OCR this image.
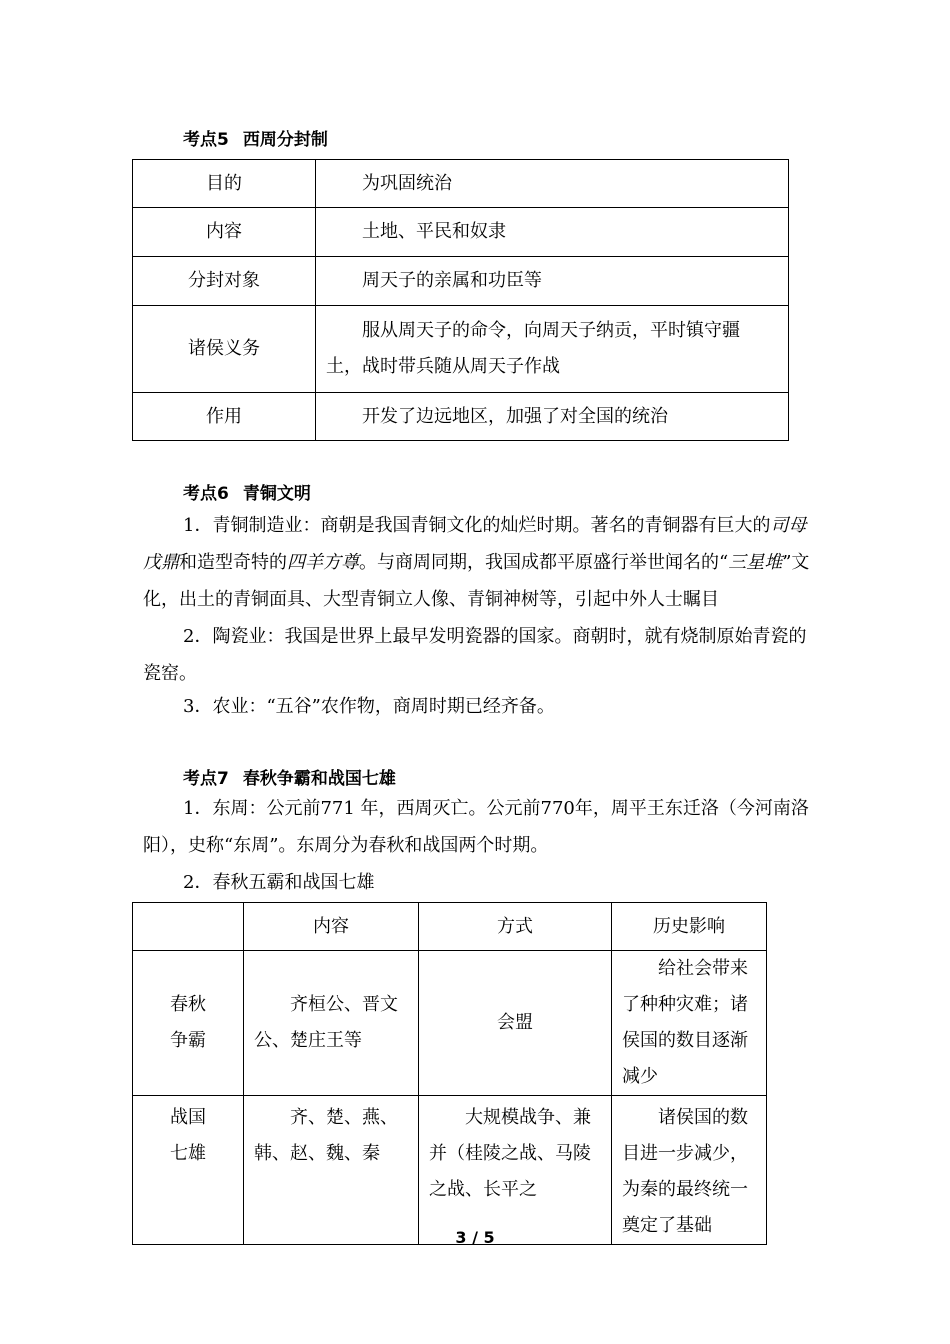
考点5 西周分封制
目的	为巩固统治

内容	土地、平民和奴隶

分封对象	周天子的亲属和功臣等

诸侯义务	服从周天子的命令，向周天子纳贡，平时镇守疆土，战时带兵随从周天子作战

作用	开发了边远地区，加强了对全国的统治
考点6 青铜文明
1．青铜制造业：商朝是我国青铜文化的灿烂时期。著名的青铜器有巨大的司母戊鼎和造型奇特的四羊方尊。与商周同期，我国成都平原盛行举世闻名的“三星堆”文化，出土的青铜面具、大型青铜立人像、青铜神树等，引起中外人士瞩目
2．陶瓷业：我国是世界上最早发明瓷器的国家。商朝时，就有烧制原始青瓷的瓷窑。
3．农业：“五谷”农作物，商周时期已经齐备。
考点7 春秋争霸和战国七雄
1．东周：公元前771 年，西周灭亡。公元前770年，周平王东迁洛（今河南洛阳），史称“东周”。东周分为春秋和战国两个时期。
2．春秋五霸和战国七雄
	内容	方式	历史影响

春秋争霸	齐桓公、晋文公、楚庄王等	会盟	给社会带来了种种灾难；诸侯国的数目逐渐减少

战国七雄	齐、楚、燕、韩、赵、魏、秦	大规模战争、兼并（桂陵之战、马陵之战、长平之	诸侯国的数目进一步减少，为秦的最终统一奠定了基础
3 / 5
